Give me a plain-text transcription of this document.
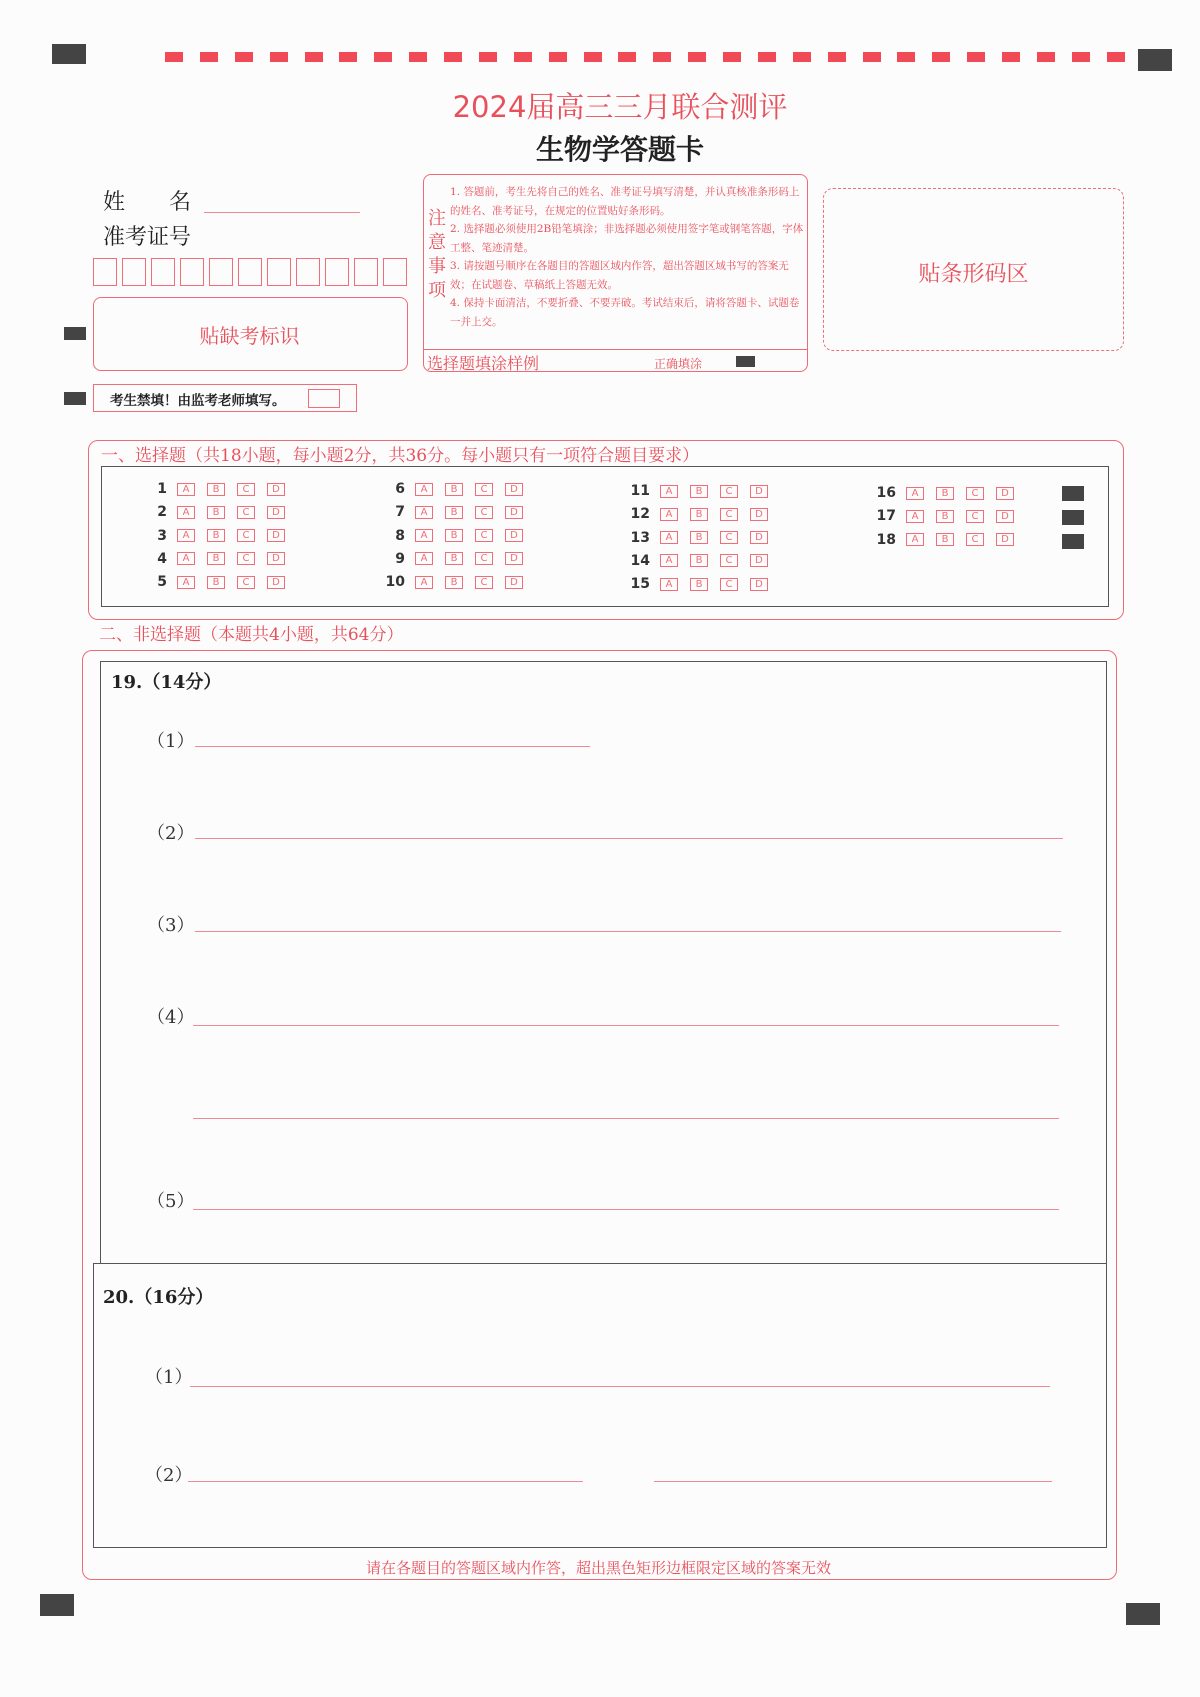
2024届高三三月联合测评
生物学答题卡
姓　　名
准考证号
贴缺考标识
考生禁填！由监考老师填写。
注意事项
1. 答题前，考生先将自己的姓名、准考证号填写清楚，并认真核准条形码上的姓名、准考证号，在规定的位置贴好条形码。
2. 选择题必须使用2B铅笔填涂；非选择题必须使用签字笔或钢笔答题，字体工整、笔迹清楚。
3. 请按题号顺序在各题目的答题区域内作答，超出答题区域书写的答案无效；在试题卷、草稿纸上答题无效。
4. 保持卡面清洁，不要折叠、不要弄破。考试结束后，请将答题卡、试题卷一并上交。
选择题填涂样例	正确填涂
贴条形码区
一、选择题（共18小题，每小题2分，共36分。每小题只有一项符合题目要求）
1	A	B	C	D
2	A	B	C	D
3	A	B	C	D
4	A	B	C	D
5	A	B	C	D
6	A	B	C	D
7	A	B	C	D
8	A	B	C	D
9	A	B	C	D
10	A	B	C	D
11	A	B	C	D
12	A	B	C	D
13	A	B	C	D
14	A	B	C	D
15	A	B	C	D
16	A	B	C	D
17	A	B	C	D
18	A	B	C	D
二、非选择题（本题共4小题，共64分）
19.（14分）
（1）
（2）
（3）
（4）
（5）
20.（16分）
（1）
（2）
请在各题目的答题区域内作答，超出黑色矩形边框限定区域的答案无效
